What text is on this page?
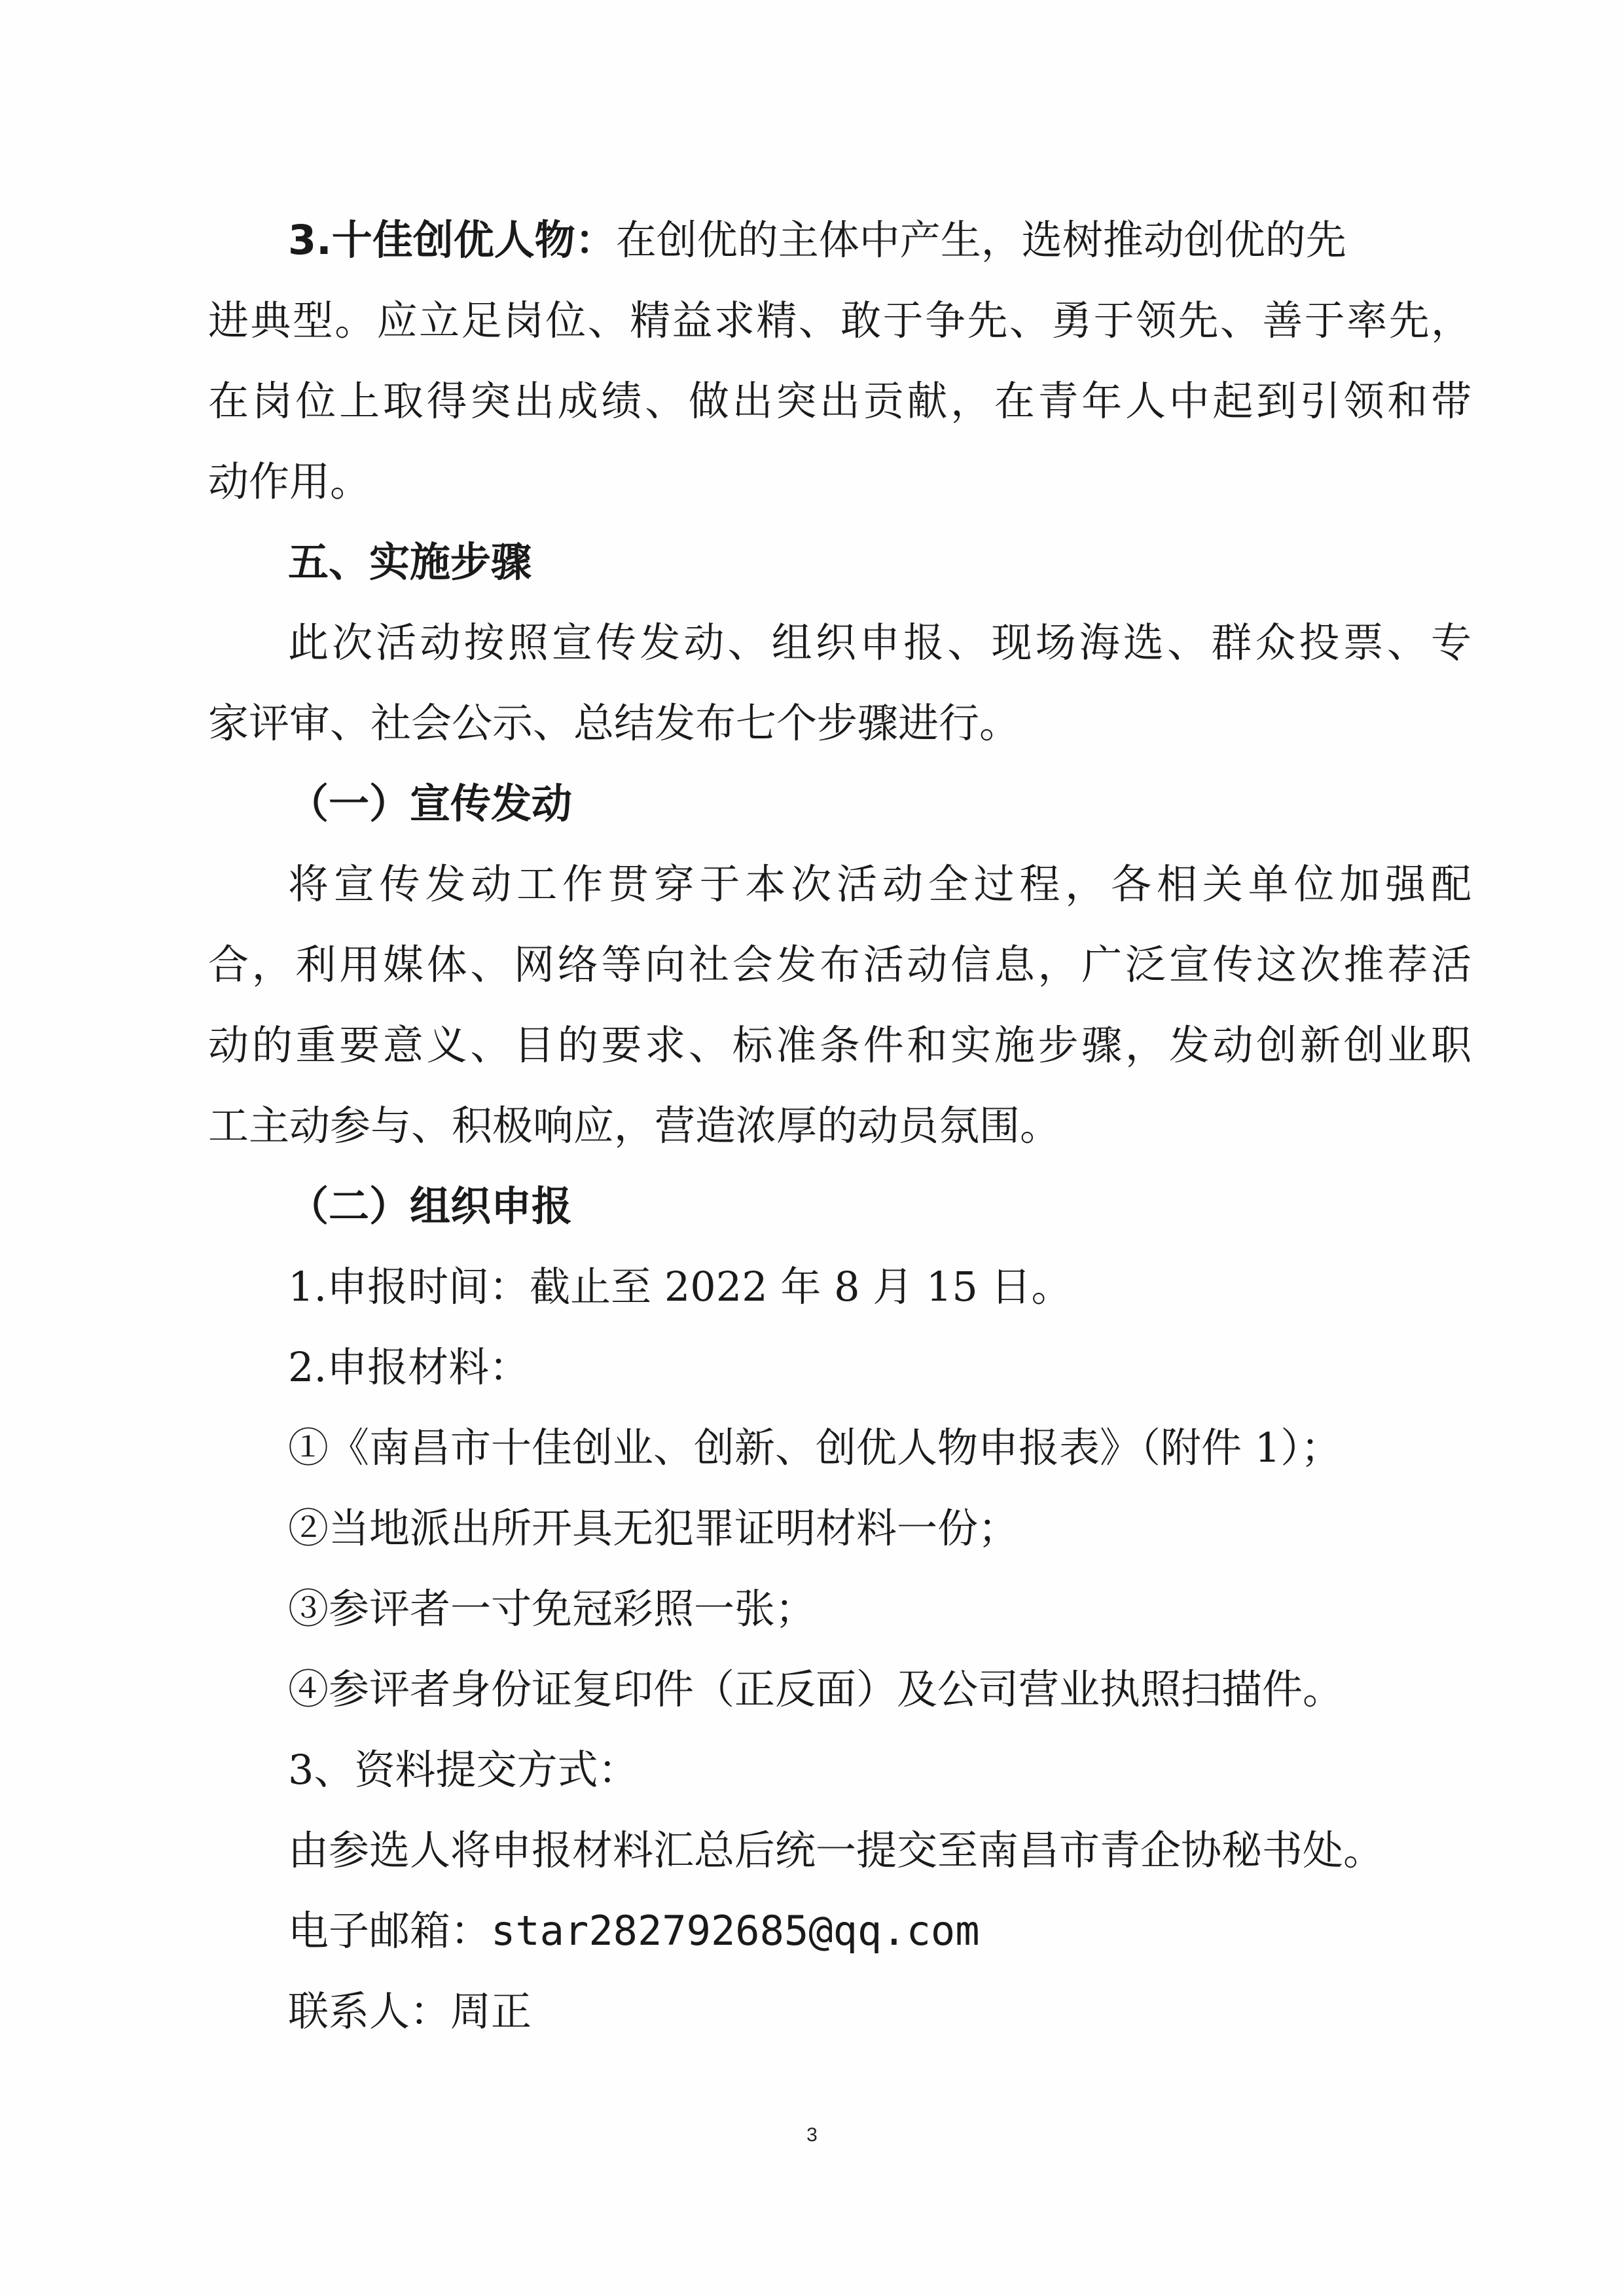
3.十佳创优人物：在创优的主体中产生，选树推动创优的先
进典型。应立足岗位、精益求精、敢于争先、勇于领先、善于率先，
在岗位上取得突出成绩、做出突出贡献，在青年人中起到引领和带
动作用。
五、实施步骤
此次活动按照宣传发动、组织申报、现场海选、群众投票、专
家评审、社会公示、总结发布七个步骤进行。
（一）宣传发动
将宣传发动工作贯穿于本次活动全过程，各相关单位加强配
合，利用媒体、网络等向社会发布活动信息，广泛宣传这次推荐活
动的重要意义、目的要求、标准条件和实施步骤，发动创新创业职
工主动参与、积极响应，营造浓厚的动员氛围。
（二）组织申报
1.申报时间：截止至 2022 年 8 月 15 日。
2.申报材料：
①《南昌市十佳创业、创新、创优人物申报表》（附件 1）；
②当地派出所开具无犯罪证明材料一份；
③参评者一寸免冠彩照一张；
④参评者身份证复印件（正反面）及公司营业执照扫描件。
3、资料提交方式：
由参选人将申报材料汇总后统一提交至南昌市青企协秘书处。
电子邮箱：star282792685@qq.com
联系人：周正
3
